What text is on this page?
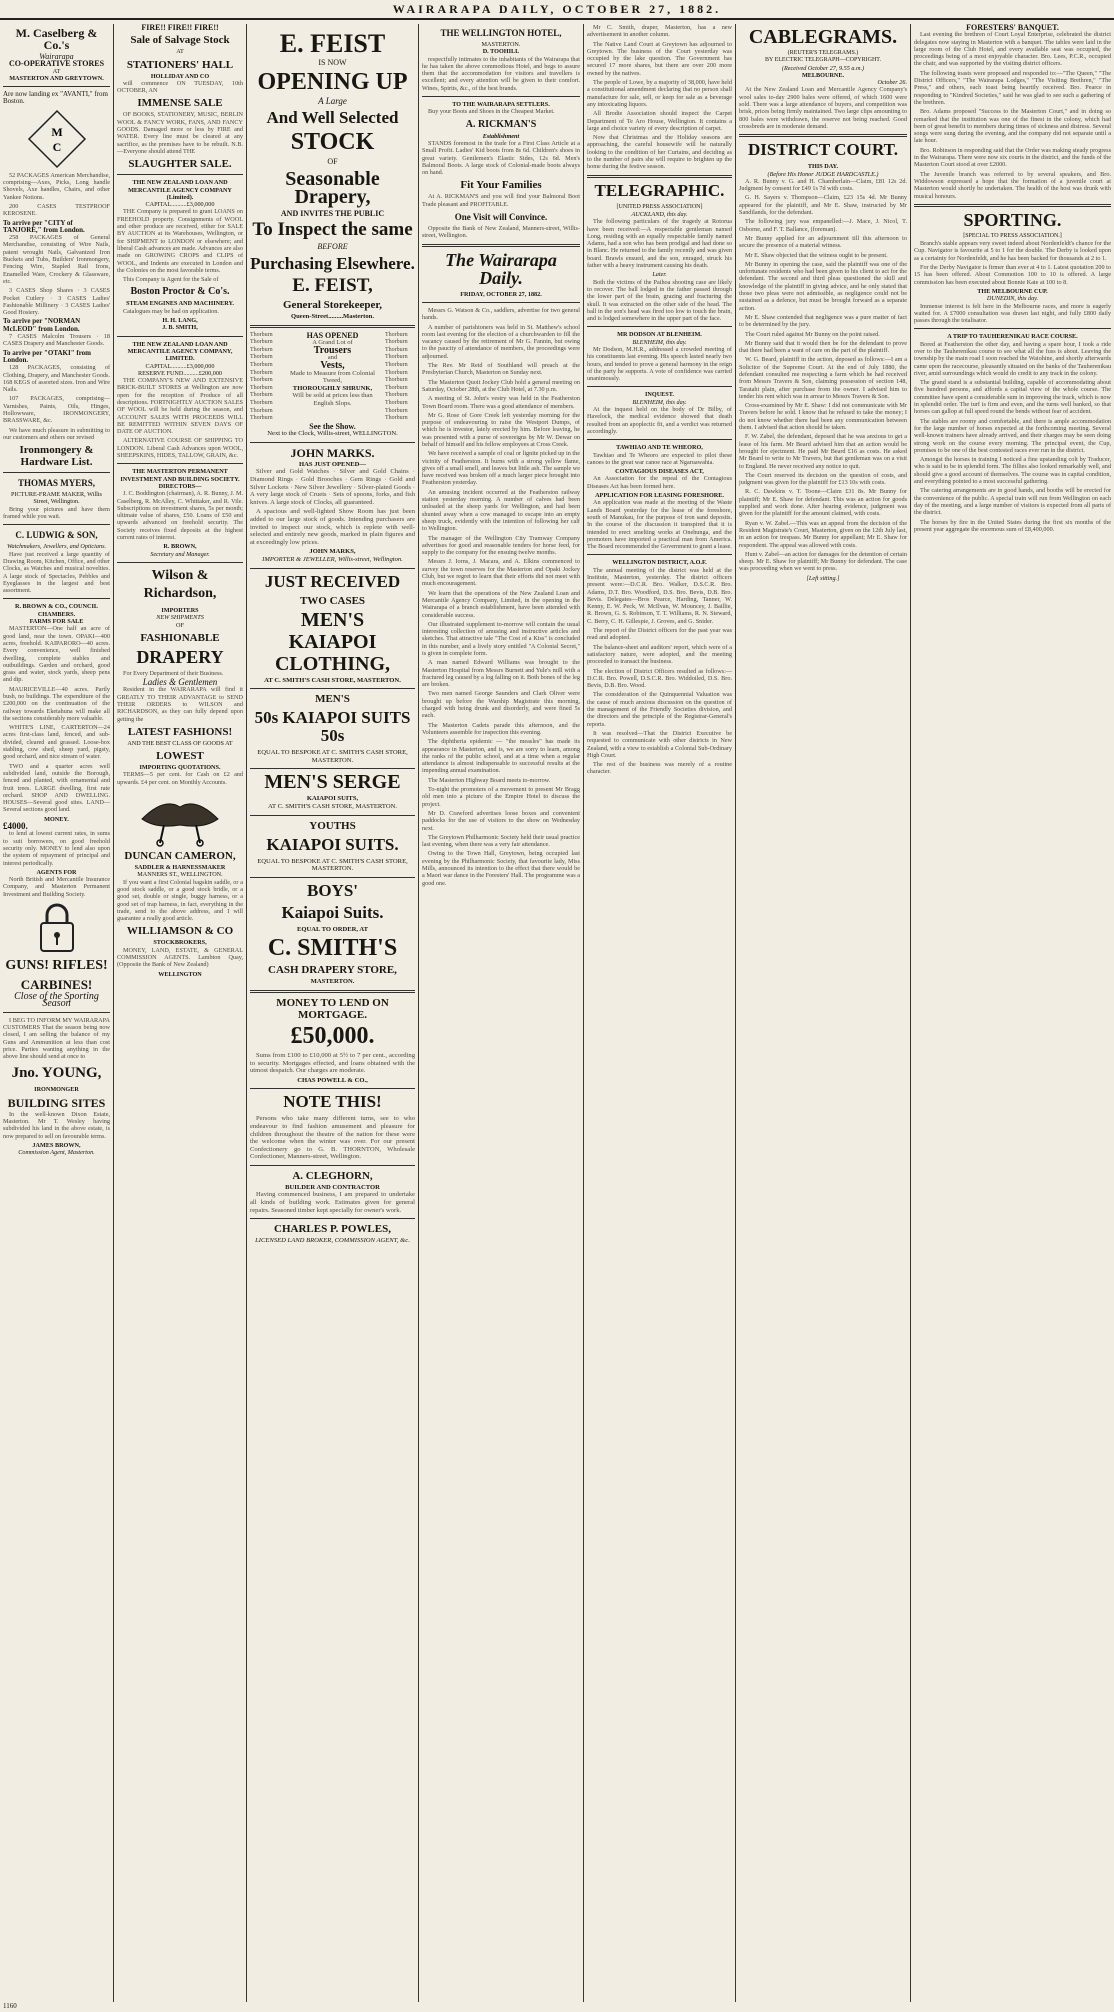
WAIRARAPA DAILY, OCTOBER 27, 1882.
M. Caselberg & Co.'s
Wairarapa
CO-OPERATIVE STORES
AT
MASTERTON AND GREYTOWN.
Are now landing ex "AVANTI," from Boston.
M
C

52 PACKAGES American Merchandise, comprising—Axes, Picks, Long handle Shovels, Axe handles, Chairs, and other Yankee Notions.

200 CASES TESTPROOF KEROSENE.

To arrive per "CITY of TANJORE," from London.

258 PACKAGES of General Merchandise, consisting of Wire Nails, patent wrought Nails, Galvanized Iron Buckets and Tubs, Builders' Ironmongery, Fencing Wire, Stapled Rail Irons, Enamelled Ware, Crockery & Glassware, etc.

3 CASES Shop Shares · 3 CASES Pocket Cutlery · 3 CASES Ladies' Fashionable Millinery · 3 CASES Ladies' Good Hosiery.

To arrive per "NORMAN McLEOD" from London.

7 CASES Malcolm Trousers · 18 CASES Drapery and Manchester Goods.

To arrive per "OTAKI" from London.

128 PACKAGES, consisting of Clothing, Drapery, and Manchester Goods. 168 KEGS of assorted sizes. Iron and Wire Nails.

107 PACKAGES, comprising—Varnishes, Paints, Oils, Hinges, Hollowware, IRONMONGERY, BRASSWARE, &c.

We have much pleasure in submitting to our customers and others our revised

Ironmongery & Hardware List.
THOMAS MYERS,
PICTURE-FRAME MAKER, Willis Street, Wellington.

Bring your pictures and have them framed while you wait.

C. LUDWIG & SON,
Watchmakers, Jewellers, and Opticians.

Have just received a large quantity of Drawing Room, Kitchen, Office, and other Clocks, as Watches and musical novelties. A large stock of Spectacles, Pebbles and Eyeglasses in the largest and best assortment.

R. BROWN & CO., COUNCIL CHAMBERS.
FARMS FOR SALE

MASTERTON—One half an acre of good land, near the town. OPAKI—400 acres, freehold. KAIPARORO—40 acres. Every convenience, well finished dwelling, complete stables and outbuildings. Garden and orchard, good grass and water, stock yards, sheep pens and dip.

MAURICEVILLE—40 acres. Partly bush, no buildings. The expenditure of the £200,000 on the continuation of the railway towards Eketahuna will make all the sections considerably more valuable.

WHITE'S LINE, CARTERTON—24 acres first-class land, fenced, and sub-divided, cleared and grassed. Loose-box stabling, cow shed, sheep yard, pigsty, good orchard, and nice stream of water.

TWO and a quarter acres well subdivided land, outside the Borough, fenced and planted, with ornamental and fruit trees. LARGE dwelling, first rate orchard. SHOP AND DWELLING. HOUSES—Several good sites. LAND—Several sections good land.

MONEY.
£4000.

to lend at lowest current rates, in sums to suit borrowers, on good freehold security only. MONEY to lend also upon the system of repayment of principal and interest periodically.

AGENTS FOR

North British and Mercantile Insurance Company, and Masterton Permanent Investment and Building Society.

GUNS! RIFLES!
CARBINES!
Close of the Sporting Season

I BEG TO INFORM MY WAIRARAPA CUSTOMERS That the season being now closed, I am selling the balance of my Guns and Ammunition at less than cost price. Parties wanting anything in the above line should send at once to

Jno. YOUNG,
IRONMONGER
BUILDING SITES

In the well-known Dixon Estate, Masterton. Mr T. Wesley having subdivided his land in the above estate, is now prepared to sell on favourable terms.

JAMES BROWN,
Commission Agent, Masterton.
FIRE!! FIRE!! FIRE!!
Sale of Salvage Stock
AT
STATIONERS' HALL
HOLLIDAY AND CO

will commence ON TUESDAY, 10th OCTOBER, AN

IMMENSE SALE

OF BOOKS, STATIONERY, MUSIC, BERLIN WOOL & FANCY WORK, FANS, AND FANCY GOODS. Damaged more or less by FIRE and WATER. Every line must be cleared at any sacrifice, as the premises have to be rebuilt. N.B.—Everyone should attend THE

SLAUGHTER SALE.
THE NEW ZEALAND LOAN AND MERCANTILE AGENCY COMPANY (Limited).
CAPITAL..........£3,000,000

THE Company is prepared to grant LOANS on FREEHOLD property. Consignments of WOOL and other produce are received, either for SALE BY AUCTION at its Warehouses, Wellington, or for SHIPMENT to LONDON or elsewhere; and liberal Cash advances are made. Advances are also made on GROWING CROPS and CLIPS of WOOL, and Indents are executed in London and the Colonies on the most favorable terms.

This Company is Agent for the Sale of

Boston Proctor & Co's.
STEAM ENGINES AND MACHINERY.

Catalogues may be had on application.

H. H. LANG,
J. B. SMITH,
THE NEW ZEALAND LOAN AND MERCANTILE AGENCY COMPANY, LIMITED.
CAPITAL..........£3,000,000
RESERVE FUND..........£200,000

THE COMPANY'S NEW AND EXTENSIVE BRICK-BUILT STORES at Wellington are now open for the reception of Produce of all descriptions. FORTNIGHTLY AUCTION SALES OF WOOL will be held during the season, and ACCOUNT SALES WITH PROCEEDS WILL BE REMITTED WITHIN SEVEN DAYS OF DATE OF AUCTION.

ALTERNATIVE COURSE OF SHIPPING TO LONDON. Liberal Cash Advances upon WOOL, SHEEPSKINS, HIDES, TALLOW, GRAIN, &c.

THE MASTERTON PERMANENT INVESTMENT AND BUILDING SOCIETY.
DIRECTORS—

J. C. Boddington (chairman), A. R. Bunny, J. M. Caselberg, R. McAlley, C. Whittaker, and R. Vile. Subscriptions on investment shares, 5s per month; ultimate value of shares, £50. Loans of £50 and upwards advanced on freehold security. The Society receives fixed deposits at the highest current rates of interest.

R. BROWN,
Secretary and Manager.
Wilson & Richardson,
IMPORTERS
NEW SHIPMENTS
OF
FASHIONABLE
DRAPERY

For Every Department of their Business.

Ladies & Gentlemen

Resident in the WAIRARAPA will find it GREATLY TO THEIR ADVANTAGE to SEND THEIR ORDERS to WILSON and RICHARDSON, as they can fully depend upon getting the

LATEST FASHIONS!
AND THE BEST CLASS OF GOODS AT
LOWEST
IMPORTING QUOTATIONS.

TERMS—5 per cent. for Cash on £2 and upwards. £4 per cent. on Monthly Accounts.

DUNCAN CAMERON,
SADDLER & HARNESSMAKER
MANNERS ST., WELLINGTON.

If you want a first Colonial bagskin saddle, or a good stock saddle, or a good stock bridle, or a good set, double or single, buggy harness, or a good set of trap harness, in fact, everything in the trade, send to the above address, and I will guarantee a really good article.

WILLIAMSON & CO
STOCKBROKERS,

MONEY, LAND, ESTATE, & GENERAL COMMISSION AGENTS. Lambton Quay, (Opposite the Bank of New Zealand)

WELLINGTON
E. FEIST
IS NOW
OPENING UP
A Large
And Well Selected
STOCK
OF
Seasonable Drapery,
AND INVITES THE PUBLIC
To Inspect the same
BEFORE
Purchasing Elsewhere.
E. FEIST,
General Storekeeper,
Queen-Street.........Masterton.
Thorburn Thorburn Thorburn Thorburn Thorburn Thorburn Thorburn Thorburn Thorburn Thorburn Thorburn Thorburn
HAS OPENED
A Grand Lot of
Trousers
and
Vests,
Made to Measure from Colonial Tweed,
THOROUGHLY SHRUNK,
Will be sold at prices less than English Slops.
Thorburn Thorburn Thorburn Thorburn Thorburn Thorburn Thorburn Thorburn Thorburn Thorburn Thorburn Thorburn
See the Show.
Next to the Clock, Willis-street, WELLINGTON.
JOHN MARKS.
HAS JUST OPENED—

Silver and Gold Watches · Silver and Gold Chains · Diamond Rings · Gold Brooches · Gem Rings · Gold and Silver Lockets · New Silver Jewellery · Silver-plated Goods · A very large stock of Cruets · Sets of spoons, forks, and fish knives. A large stock of Clocks, all guaranteed.

A spacious and well-lighted Show Room has just been added to our large stock of goods. Intending purchasers are invited to inspect our stock, which is replete with well-selected and entirely new goods, marked in plain figures and at exceedingly low prices.

JOHN MARKS,
IMPORTER & JEWELLER, Willis-street, Wellington.
JUST RECEIVED
TWO CASES
MEN'S
KAIAPOI
CLOTHING,
AT C. SMITH'S CASH STORE, MASTERTON.
MEN'S
50s KAIAPOI SUITS 50s
EQUAL TO BESPOKE AT C. SMITH'S CASH STORE, MASTERTON.
MEN'S SERGE
KAIAPOI SUITS,
AT C. SMITH'S CASH STORE, MASTERTON.
YOUTHS
KAIAPOI SUITS.
EQUAL TO BESPOKE AT C. SMITH'S CASH STORE, MASTERTON.
BOYS'
Kaiapoi Suits.
EQUAL TO ORDER, AT
C. SMITH'S
CASH DRAPERY STORE,
MASTERTON.
MONEY TO LEND ON MORTGAGE.
£50,000.

Sums from £100 to £10,000 at 5½ to 7 per cent., according to security. Mortgages effected, and loans obtained with the utmost despatch. Our charges are moderate.

CHAS POWELL & CO.,
NOTE THIS!

Persons who take many different turns, see to who endeavour to find fashion amusement and pleasure for children throughout the theatre of the nation for these were the welcome when the winter was over. For our present Confectionery go to G. B. THORNTON, Wholesale Confectioner, Manners-street, Wellington.

A. CLEGHORN,
BUILDER AND CONTRACTOR

Having commenced business, I am prepared to undertake all kinds of building work. Estimates given for general repairs. Seasoned timber kept specially for owner's work.

CHARLES P. POWLES,
LICENSED LAND BROKER, COMMISSION AGENT, &c.
THE WELLINGTON HOTEL,
MASTERTON.
D. TOOHILL

respectfully intimates to the inhabitants of the Wairarapa that he has taken the above commodious Hotel, and begs to assure them that the accommodation for visitors and travellers is excellent; and every attention will be given to their comfort. Wines, Spirits, &c., of the best brands.

TO THE WAIRARAPA SETTLERS.

Buy your Boots and Shoes in the Cheapest Market.

A. RICKMAN'S
Establishment

STANDS foremost in the trade for a First Class Article at a Small Profit. Ladies' Kid boots from 8s 6d. Children's shoes in great variety. Gentlemen's Elastic Sides, 12s 6d. Men's Balmoral Boots. A large stock of Colonial-made boots always on hand.

Fit Your Families

At A. RICKMAN'S and you will find your Balmoral Boot Trade pleasant and PROFITABLE.

One Visit will Convince.

Opposite the Bank of New Zealand, Manners-street, Willis-street, Wellington.

The Wairarapa Daily.
FRIDAY, OCTOBER 27, 1882.

Messrs G. Watson & Co., saddlers, advertise for two general hands.

A number of parishioners was held in St. Matthew's school room last evening for the election of a churchwarden to fill the vacancy caused by the retirement of Mr G. Fannin, but owing to the paucity of attendance of members, the proceedings were adjourned.

The Rev. Mr Reid of Southland will preach at the Presbyterian Church, Masterton on Sunday next.

The Masterton Quoit Jockey Club hold a general meeting on Saturday, October 28th, at the Club Hotel, at 7.30 p.m.

A meeting of St. John's vestry was held in the Featherston Town Board room. There was a good attendance of members.

Mr G. Rose of Gore Creek left yesterday morning for the purpose of endeavouring to raise the Westport Dumps, of which he is investor, lately erected by him. Before leaving, he was presented with a purse of sovereigns by Mr W. Dewar on behalf of himself and his fellow employees at Cross Creek.

We have received a sample of coal or lignite picked up in the vicinity of Featherston. It burns with a strong yellow flame, gives off a small smell, and leaves but little ash. The sample we have received was broken off a much larger piece brought into Featherston yesterday.

An amusing incident occurred at the Featherston railway station yesterday morning. A number of calves had been unloaded at the sheep yards for Wellington, and had been shunted away when a cow managed to escape into an empty sheep truck, evidently with the intention of following her calf to Wellington.

The manager of the Wellington City Tramway Company advertises for good and reasonable tenders for horse feed, for supply to the company for the ensuing twelve months.

Messrs J. Iorns, J. Macara, and A. Elkins commenced to survey the town reserves for the Masterton and Opaki Jockey Club, but we regret to learn that their efforts did not meet with much encouragement.

We learn that the operations of the New Zealand Loan and Mercantile Agency Company, Limited, in the opening in the Wairarapa of a branch establishment, have been attended with considerable success.

Our illustrated supplement to-morrow will contain the usual interesting collection of amusing and instructive articles and sketches. That attractive tale "The Cost of a Kiss" is concluded in this number, and a lively story entitled "A Colonial Secret," is given in complete form.

A man named Edward Williams was brought to the Masterton Hospital from Messrs Burnett and Yule's mill with a fractured leg caused by a log falling on it. Both bones of the leg are broken.

Two men named George Saunders and Clark Oliver were brought up before the Warship Magistrate this morning, charged with being drunk and disorderly, and were fined 5s each.

The Masterton Cadets parade this afternoon, and the Volunteers assemble for inspection this evening.

The diphtheria epidemic — "the measles" has made its appearance in Masterton, and is, we are sorry to learn, among the ranks of the public school, and at a time when a regular attendance is almost indispensable to successful results at the impending annual examination.

The Masterton Highway Board meets to-morrow.

To-night the promoters of a movement to present Mr Bragg old men into a picture of the Empire Hotel to discuss the project.

Mr D. Crawford advertises loose boxes and convenient paddocks for the use of visitors to the show on Wednesday next.

The Greytown Philharmonic Society held their usual practice last evening, when there was a very fair attendance.

Owing to the Town Hall, Greytown, being occupied last evening by the Philharmonic Society, that favourite lady, Miss Mills, announced its intention to the effect that there would be a Maori war dance in the Foresters' Hall. The programme was a good one.

Mr C. Smith, draper, Masterton, has a new advertisement in another column.

The Native Land Court at Greytown has adjourned to Greytown. The business of the Court yesterday was occupied by the lake question. The Government has secured 17 more shares, but there are over 200 more owned by the natives.

The people of Lowe, by a majority of 38,000, have held a constitutional amendment declaring that no person shall manufacture for sale, sell, or keep for sale as a beverage any intoxicating liquors.

All Brodie Association should inspect the Carpet Department of Te Aro House, Wellington. It contains a large and choice variety of every description of carpet.

Now that Christmas and the Holiday seasons are approaching, the careful housewife will be naturally looking to the condition of her Curtains, and deciding as to the number of pairs she will require to brighten up the home during the festive season.

TELEGRAPHIC.
[UNITED PRESS ASSOCIATION]
AUCKLAND, this day.

The following particulars of the tragedy at Rotorua have been received:—A respectable gentleman named Long, residing with an equally respectable family named Adams, had a son who has been prodigal and had done so in Blanc. He returned to the family recently and was given board. Brawls ensued, and the son, enraged, struck his father with a heavy instrument causing his death.

Later.

Both the victims of the Paihoa shooting case are likely to recover. The ball lodged in the father passed through the lower part of the brain, grazing and fracturing the skull. It was extracted on the other side of the head. The ball in the son's head was fired too low to touch the brain, and is lodged somewhere in the upper part of the face.

MR DODSON AT BLENHEIM.
BLENHEIM, this day.

Mr Dodson, M.H.R., addressed a crowded meeting of his constituents last evening. His speech lasted nearly two hours, and tended to prove a general harmony in the reign of the party he supports. A vote of confidence was carried unanimously.

INQUEST.
BLENHEIM, this day.

At the inquest held on the body of Dr Bilby, of Havelock, the medical evidence showed that death resulted from an apoplectic fit, and a verdict was returned accordingly.

TAWHIAO AND TE WHEORO,

Tawhiao and Te Wheoro are expected to pilot these canoes to the great war canoe race at Ngaruawahia.

CONTAGIOUS DISEASES ACT,

An Association for the repeal of the Contagious Diseases Act has been formed here.

APPLICATION FOR LEASING FORESHORE.

An application was made at the meeting of the Waste Lands Board yesterday for the lease of the foreshore, south of Manukau, for the purpose of iron sand deposits. In the course of the discussion it transpired that it is intended to erect smelting works at Onehunga, and the promoters have imported a practical man from America. The Board recommended the Government to grant a lease.

WELLINGTON DISTRICT, A.O.F.

The annual meeting of the district was held at the Institute, Masterton, yesterday. The district officers present were:—D.C.R. Bro. Walker, D.S.C.R. Bro. Adams, D.T. Bro. Woodford, D.S. Bro. Bevis, D.B. Bro. Bevis. Delegates—Bros Pearce, Harding, Tanner, W. Kenny, E. W. Peck, W. McIlvan, W. Mouncey, J. Baillie, R. Brown, G. S. Robinson, T. T. Williams, R. N. Steward, C. Berry, C. H. Gillespie, J. Groves, and G. Snider.

The report of the District officers for the past year was read and adopted.

The balance-sheet and auditors' report, which were of a satisfactory nature, were adopted, and the meeting proceeded to transact the business.

The election of District Officers resulted as follows:—D.C.R. Bro. Powell, D.S.C.R. Bro. Widdoiled, D.S. Bro. Bevis, D.B. Bro. Wood.

The consideration of the Quinquennial Valuation was the cause of much anxious discussion on the question of the management of the Friendly Societies division, and the directors and the principle of the Registrar-General's reports.

It was resolved—That the District Executive be requested to communicate with other districts in New Zealand, with a view to establish a Colonial Sub-Ordinary High Court.

The rest of the business was merely of a routine character.

CABLEGRAMS.
(REUTER'S TELEGRAMS.)
BY ELECTRIC TELEGRAPH—COPYRIGHT.
(Received October 27, 9.55 a.m.)
MELBOURNE.
October 26.

At the New Zealand Loan and Mercantile Agency Company's wool sales to-day 2900 bales were offered, of which 1600 were sold. There was a large attendance of buyers, and competition was brisk, prices being firmly maintained. Two large clips amounting to 800 bales were withdrawn, the reserve not being reached. Good crossbreds are in moderate demand.

DISTRICT COURT.
THIS DAY.
(Before His Honor JUDGE HARDCASTLE.)

A. R. Bunny v. G. and H. Chamberlain—Claim, £81 12s 2d. Judgment by consent for £49 1s 7d with costs.

G. H. Sayers v. Thompson—Claim, £23 15s 4d. Mr Bunny appeared for the plaintiff, and Mr E. Shaw, instructed by Mr Sandilands, for the defendant.

The following jury was empanelled:—J. Mace, J. Nicol, T. Osborne, and F. T. Ballance, (foreman).

Mr Bunny applied for an adjournment till this afternoon to secure the presence of a material witness.

Mr E. Shaw objected that the witness ought to be present.

Mr Bunny in opening the case, said the plaintiff was one of the unfortunate residents who had been given to his client to act for the defendant. The second and third pleas questioned the skill and knowledge of the plaintiff in giving advice, and he only stated that those two pleas were not admissible, as negligence could not be sustained as a defence, but must be brought forward as a separate action.

Mr E. Shaw contended that negligence was a pure matter of fact to be determined by the jury.

The Court ruled against Mr Bunny on the point raised.

Mr Bunny said that it would then be for the defendant to prove that there had been a want of care on the part of the plaintiff.

W. G. Beard, plaintiff in the action, deposed as follows:—I am a Solicitor of the Supreme Court. At the end of July 1880, the defendant consulted me respecting a farm which he had received from Messrs Travers & Son, claiming possession of section 148, Taratahi plain, after purchase from the owner. I advised him to tender his rent which was in arrear to Messrs Travers & Son.

Cross-examined by Mr E. Shaw: I did not communicate with Mr Travers before he sold. I know that he refused to take the money; I do not know whether there had been any communication between them. I advised that action should be taken.

F. W. Zabel, the defendant, deposed that he was anxious to get a lease of his farm. Mr Beard advised him that an action would be brought for ejectment. He paid Mr Beard £16 as costs. He asked Mr Beard to write to Mr Travers, but that gentleman was on a visit to England. He never received any notice to quit.

The Court reserved its decision on the question of costs, and judgment was given for the plaintiff for £13 10s with costs.

R. C. Dawkins v. T. Toone—Claim £31 8s. Mr Bunny for plaintiff; Mr E. Shaw for defendant. This was an action for goods supplied and work done. After hearing evidence, judgment was given for the plaintiff for the amount claimed, with costs.

Ryan v. W. Zabel.—This was an appeal from the decision of the Resident Magistrate's Court, Masterton, given on the 12th July last, in an action for trespass. Mr Bunny for appellant; Mr E. Shaw for respondent. The appeal was allowed with costs.

Hunt v. Zabel—an action for damages for the detention of certain sheep. Mr E. Shaw for plaintiff; Mr Bunny for defendant. The case was proceeding when we went to press.

[Left sitting.]
FORESTERS' BANQUET.

Last evening the brethren of Court Loyal Enterprise, celebrated the district delegates now staying in Masterton with a banquet. The tables were laid in the large room of the Club Hotel, and every available seat was occupied, the proceedings being of a most enjoyable character. Bro. Lees, P.C.R., occupied the chair, and was supported by the visiting district officers.

The following toasts were proposed and responded to:—"The Queen," "The District Officers," "The Wairarapa Lodges," "The Visiting Brethren," "The Press," and others, each toast being heartily received. Bro. Pearce in responding to "Kindred Societies," said he was glad to see such a gathering of the brethren.

Bro. Adams proposed "Success to the Masterton Court," and in doing so remarked that the institution was one of the finest in the colony, which had been of great benefit to members during times of sickness and distress. Several songs were sung during the evening, and the company did not separate until a late hour.

Bro. Robinson in responding said that the Order was making steady progress in the Wairarapa. There were now six courts in the district, and the funds of the Masterton Court stood at over £2000.

The Juvenile branch was referred to by several speakers, and Bro. Widdowson expressed a hope that the formation of a juvenile court at Masterton would shortly be undertaken. The health of the host was drunk with musical honours.

SPORTING.
[SPECIAL TO PRESS ASSOCIATION.]

Branch's stable appears very sweet indeed about Nordenfeldt's chance for the Cup. Navigator is favourite at 5 to 1 for the double. The Derby is looked upon as a certainty for Nordenfeldt, and he has been backed for thousands at 2 to 1.

For the Derby Navigator is firmer than ever at 4 to 1. Latest quotation 200 to 15 has been offered. About Commotion 100 to 10 is offered. A large commission has been executed about Bonnie Kate at 100 to 8.

THE MELBOURNE CUP.
DUNEDIN, this day.

Immense interest is felt here in the Melbourne races, and more is eagerly waited for. A £7000 consultation was drawn last night, and fully £800 daily passes through the totalisator.

A TRIP TO TAUHERENIKAU RACE COURSE.

Bored at Featherston the other day, and having a spare hour, I took a ride over to the Tauherenikau course to see what all the fuss is about. Leaving the township by the main road I soon reached the Waiohine, and shortly afterwards came upon the racecourse, pleasantly situated on the banks of the Tauherenikau river, amid surroundings which would do credit to any track in the colony.

The grand stand is a substantial building, capable of accommodating about five hundred persons, and affords a capital view of the whole course. The committee have spent a considerable sum in improving the track, which is now in splendid order. The turf is firm and even, and the turns well banked, so that horses can gallop at full speed round the bends without fear of accident.

The stables are roomy and comfortable, and there is ample accommodation for the large number of horses expected at the forthcoming meeting. Several well-known trainers have already arrived, and their charges may be seen doing strong work on the course every morning. The principal event, the Cup, promises to be one of the best contested races ever run in the district.

Amongst the horses in training I noticed a fine upstanding colt by Traducer, who is said to be in splendid form. The fillies also looked remarkably well, and should give a good account of themselves. The course was in capital condition, and everything pointed to a most successful gathering.

The catering arrangements are in good hands, and booths will be erected for the convenience of the public. A special train will run from Wellington on each day of the meeting, and a large number of visitors is expected from all parts of the district.

The horses by fire in the United States during the first six months of the present year aggregate the enormous sum of £8,400,000.

1160
